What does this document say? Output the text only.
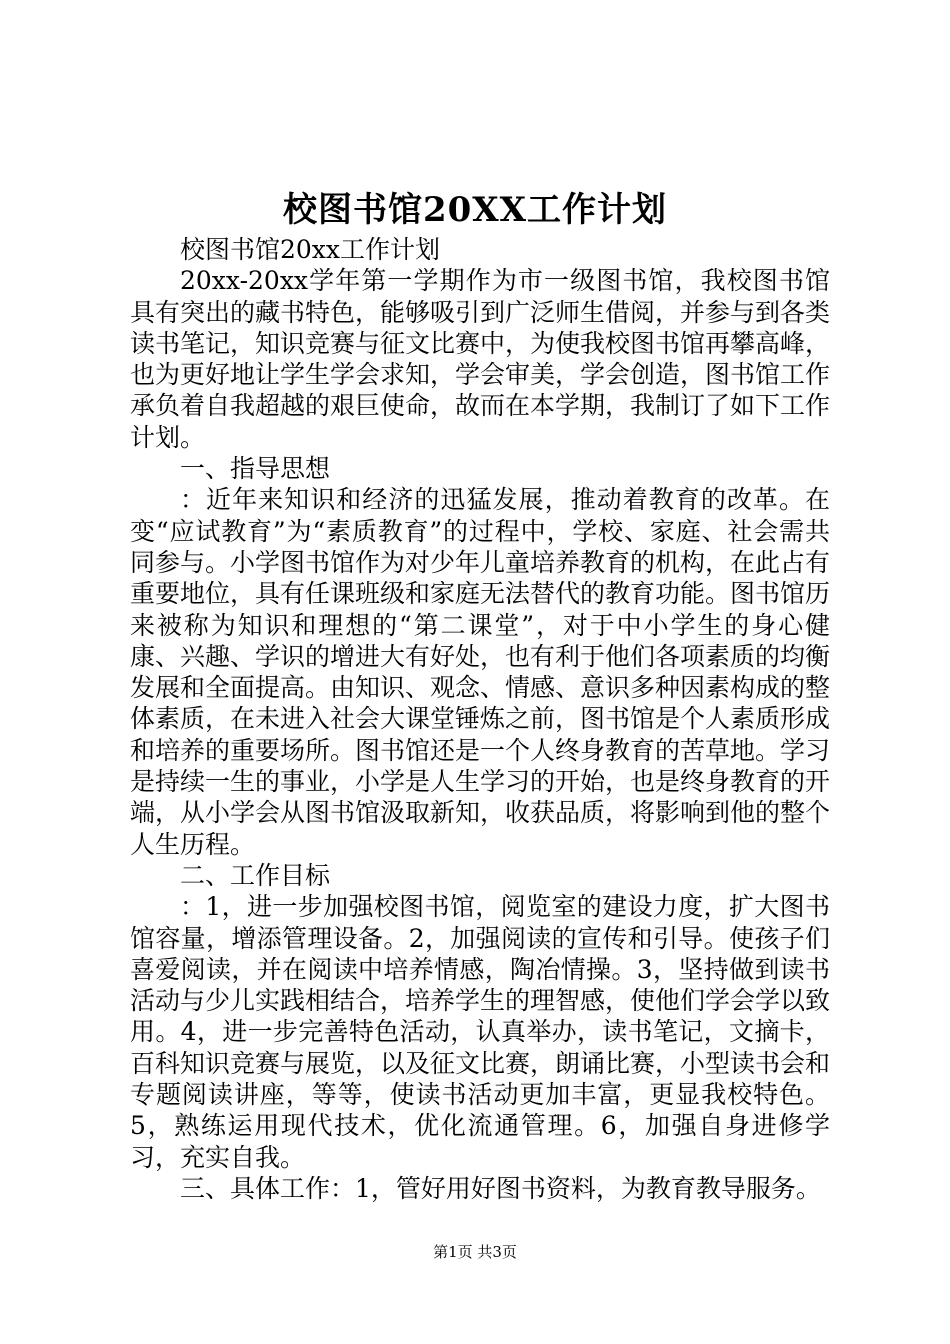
校图书馆20XX工作计划

校图书馆20xx工作计划

20xx-20xx学年第一学期作为市一级图书馆，我校图书馆具有突出的藏书特色，能够吸引到广泛师生借阅，并参与到各类读书笔记，知识竞赛与征文比赛中，为使我校图书馆再攀高峰，也为更好地让学生学会求知，学会审美，学会创造，图书馆工作承负着自我超越的艰巨使命，故而在本学期，我制订了如下工作计划。

一、指导思想

：近年来知识和经济的迅猛发展，推动着教育的改革。在变“应试教育”为“素质教育”的过程中，学校、家庭、社会需共同参与。小学图书馆作为对少年儿童培养教育的机构，在此占有重要地位，具有任课班级和家庭无法替代的教育功能。图书馆历来被称为知识和理想的“第二课堂”，对于中小学生的身心健康、兴趣、学识的增进大有好处，也有利于他们各项素质的均衡发展和全面提高。由知识、观念、情感、意识多种因素构成的整体素质，在未进入社会大课堂锤炼之前，图书馆是个人素质形成和培养的重要场所。图书馆还是一个人终身教育的苦草地。学习是持续一生的事业，小学是人生学习的开始，也是终身教育的开端，从小学会从图书馆汲取新知，收获品质，将影响到他的整个人生历程。

二、工作目标

：1，进一步加强校图书馆，阅览室的建设力度，扩大图书馆容量，增添管理设备。2，加强阅读的宣传和引导。使孩子们喜爱阅读，并在阅读中培养情感，陶冶情操。3，坚持做到读书活动与少儿实践相结合，培养学生的理智感，使他们学会学以致用。4，进一步完善特色活动，认真举办，读书笔记，文摘卡，百科知识竞赛与展览，以及征文比赛，朗诵比赛，小型读书会和专题阅读讲座，等等，使读书活动更加丰富，更显我校特色。5，熟练运用现代技术，优化流通管理。6，加强自身进修学习，充实自我。

三、具体工作：1，管好用好图书资料，为教育教导服务。

第1页 共3页
